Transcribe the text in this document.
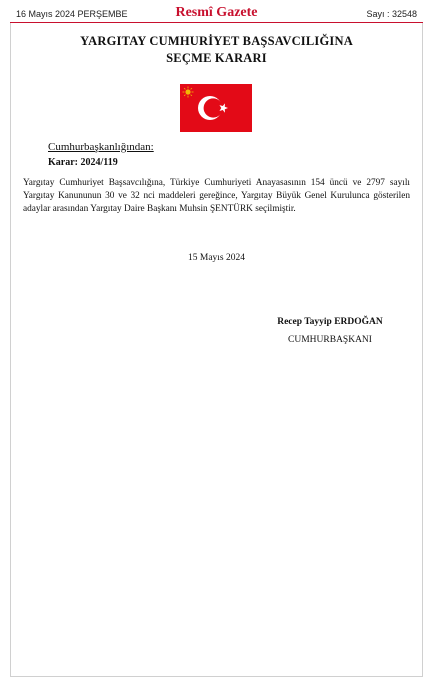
16 Mayıs 2024 PERŞEMBE	Resmî Gazete	Sayı : 32548
YARGITAY CUMHURİYET BAŞSAVCILIĞINA
SEÇME KARARI
Cumhurbaşkanlığından:
Karar: 2024/119
Yargıtay Cumhuriyet Başsavcılığına, Türkiye Cumhuriyeti Anayasasının 154 üncü ve 2797 sayılı Yargıtay Kanununun 30 ve 32 nci maddeleri gereğince, Yargıtay Büyük Genel Kurulunca gösterilen adaylar arasından Yargıtay Daire Başkanı Muhsin ŞENTÜRK seçilmiştir.
15 Mayıs 2024
Recep Tayyip ERDOĞAN
CUMHURBAŞKANI
